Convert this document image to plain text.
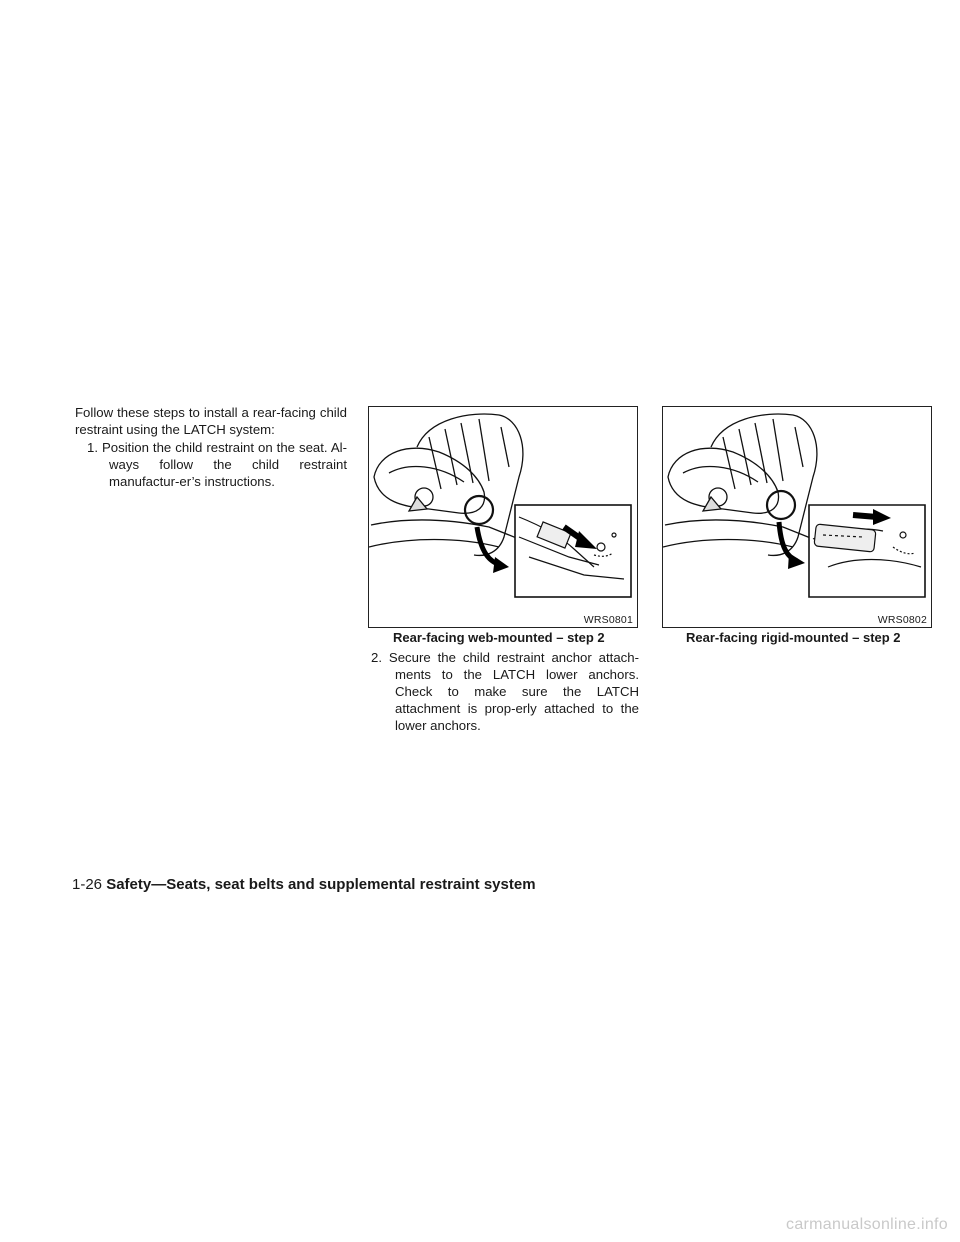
Follow these steps to install a rear-facing child restraint using the LATCH system:

1. Position the child restraint on the seat. Al-ways follow the child restraint manufactur-er’s instructions.
WRS0801
Rear-facing web-mounted – step 2
WRS0802
Rear-facing rigid-mounted – step 2
2. Secure the child restraint anchor attach-ments to the LATCH lower anchors. Check to make sure the LATCH attachment is prop-erly attached to the lower anchors.
1-26 Safety—Seats, seat belts and supplemental restraint system
carmanualsonline.info
